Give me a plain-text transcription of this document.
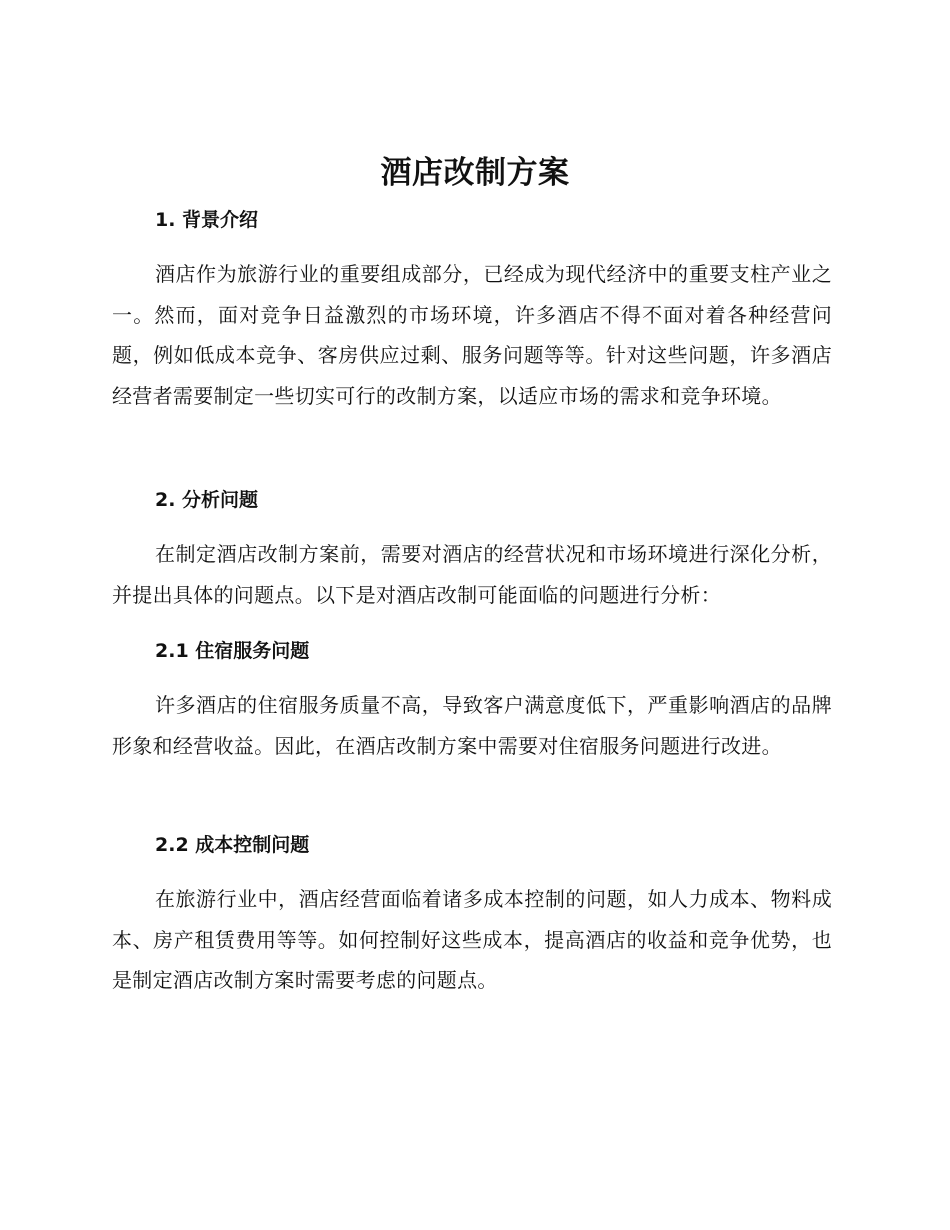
酒店改制方案
1. 背景介绍
酒店作为旅游行业的重要组成部分，已经成为现代经济中的重要支柱产业之一。然而，面对竞争日益激烈的市场环境，许多酒店不得不面对着各种经营问题，例如低成本竞争、客房供应过剩、服务问题等等。针对这些问题，许多酒店经营者需要制定一些切实可行的改制方案，以适应市场的需求和竞争环境。
2. 分析问题
在制定酒店改制方案前，需要对酒店的经营状况和市场环境进行深化分析，并提出具体的问题点。以下是对酒店改制可能面临的问题进行分析：
2.1 住宿服务问题
许多酒店的住宿服务质量不高，导致客户满意度低下，严重影响酒店的品牌形象和经营收益。因此，在酒店改制方案中需要对住宿服务问题进行改进。
2.2 成本控制问题
在旅游行业中，酒店经营面临着诸多成本控制的问题，如人力成本、物料成本、房产租赁费用等等。如何控制好这些成本，提高酒店的收益和竞争优势，也是制定酒店改制方案时需要考虑的问题点。
